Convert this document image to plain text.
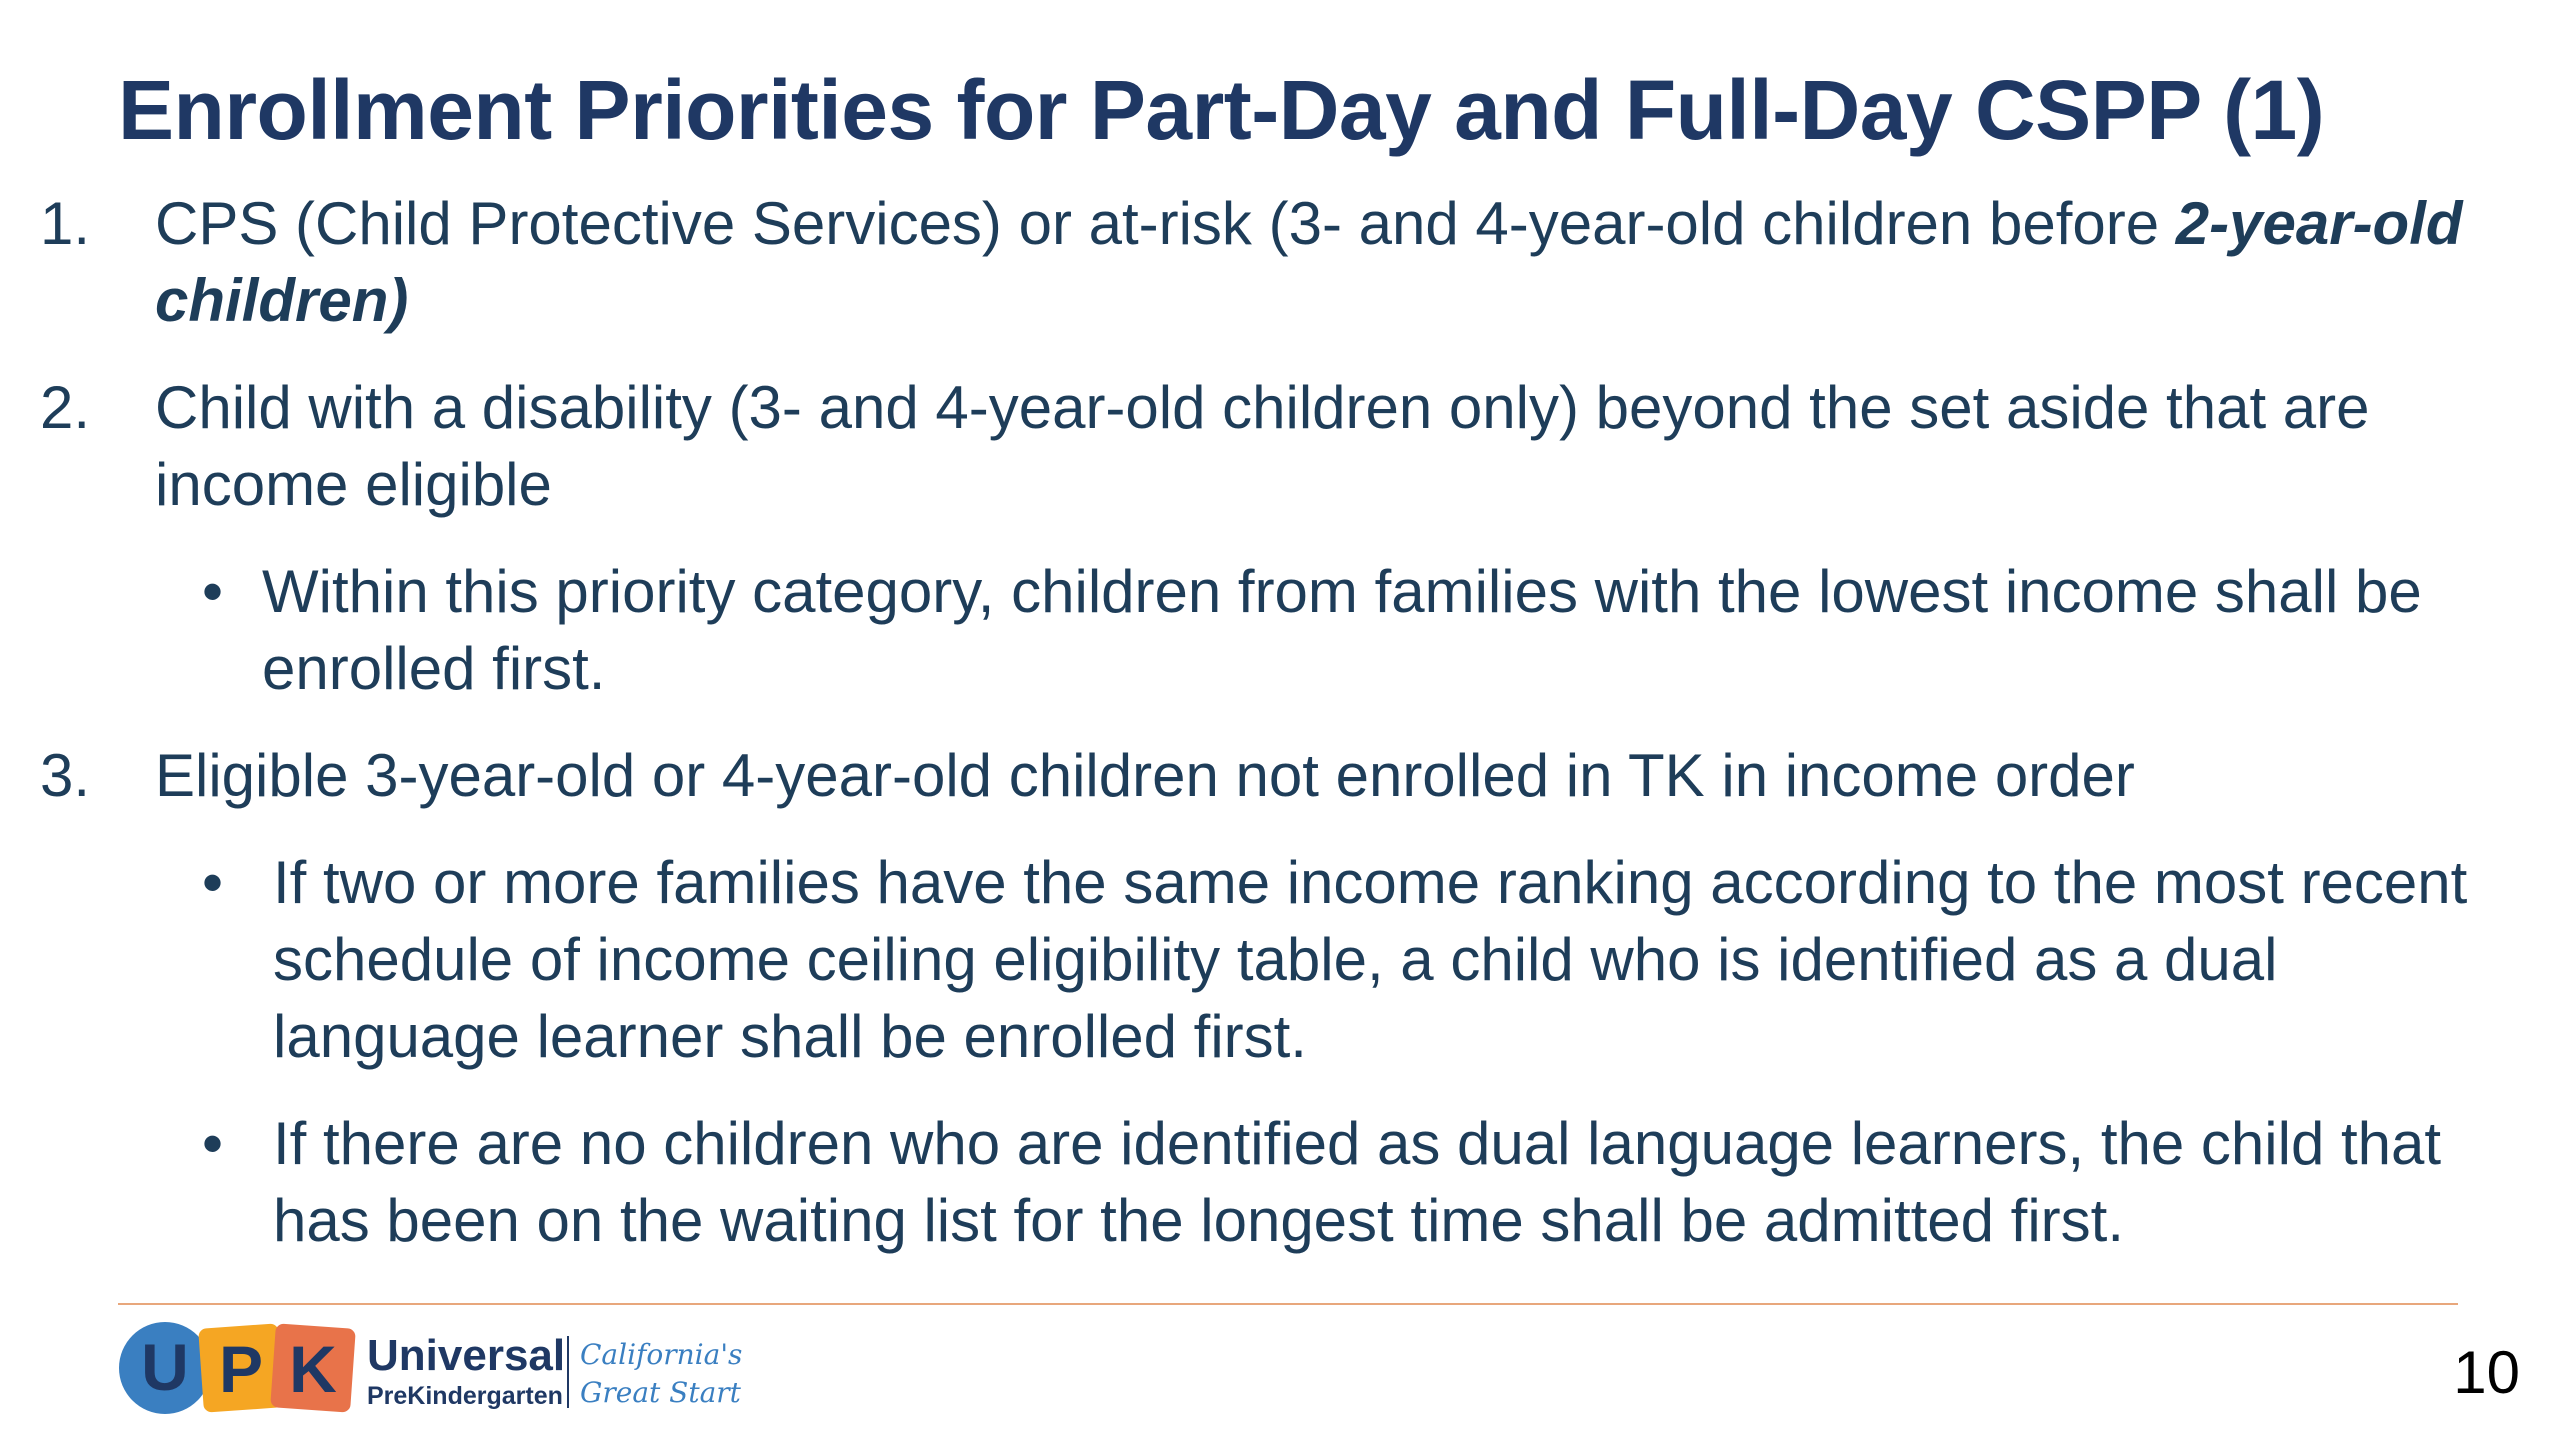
Enrollment Priorities for Part-Day and Full-Day CSPP (1)
1. CPS (Child Protective Services) or at-risk (3- and 4-year-old children before 2-year-old children)
2. Child with a disability (3- and 4-year-old children only) beyond the set aside that are income eligible
• Within this priority category, children from families with the lowest income shall be enrolled first.
3. Eligible 3-year-old or 4-year-old children not enrolled in TK in income order
• If two or more families have the same income ranking according to the most recent schedule of income ceiling eligibility table, a child who is identified as a dual language learner shall be enrolled first.
• If there are no children who are identified as dual language learners, the child that has been on the waiting list for the longest time shall be admitted first.
U P K Universal
PreKindergarten
California's
Great Start	10
